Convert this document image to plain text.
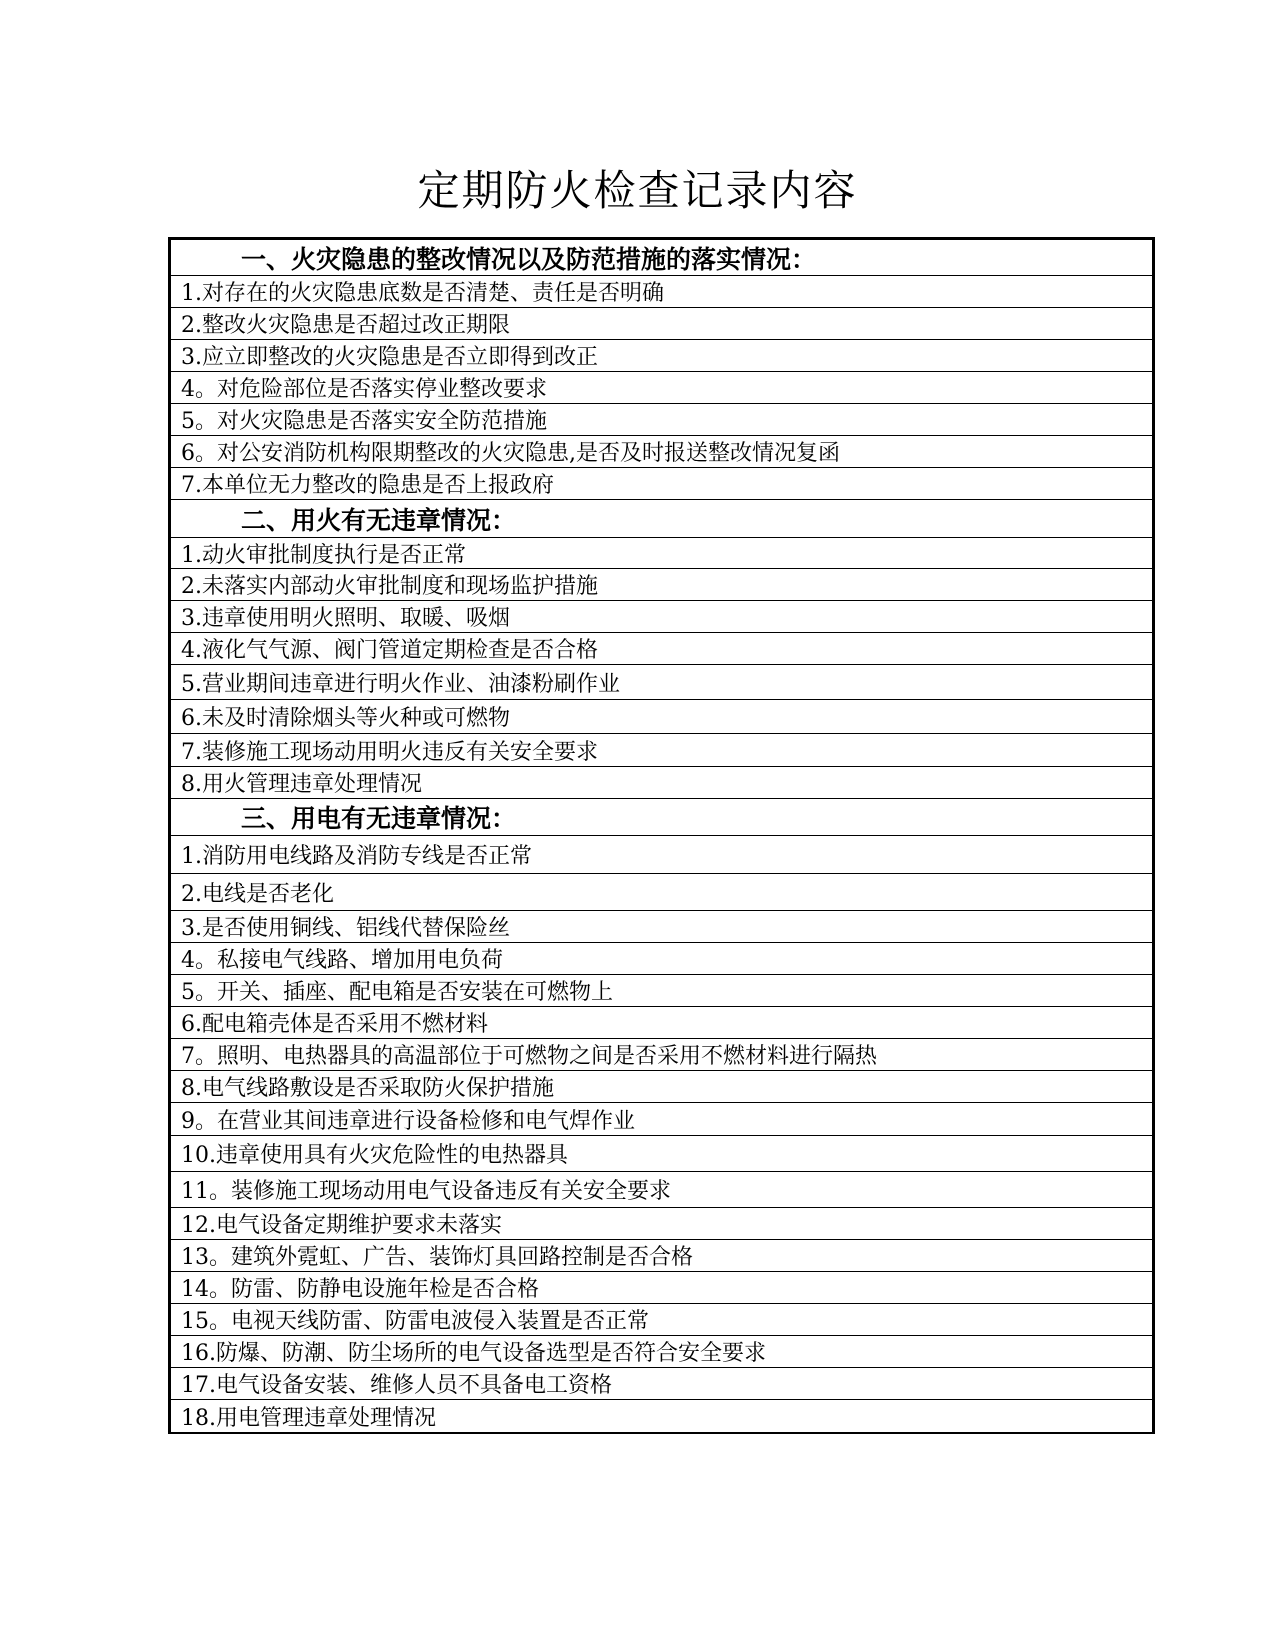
定期防火检查记录内容
一、火灾隐患的整改情况以及防范措施的落实情况：
1.对存在的火灾隐患底数是否清楚、责任是否明确
2.整改火灾隐患是否超过改正期限
3.应立即整改的火灾隐患是否立即得到改正
4。对危险部位是否落实停业整改要求
5。对火灾隐患是否落实安全防范措施
6。对公安消防机构限期整改的火灾隐患,是否及时报送整改情况复函
7.本单位无力整改的隐患是否上报政府
二、用火有无违章情况：
1.动火审批制度执行是否正常
2.未落实内部动火审批制度和现场监护措施
3.违章使用明火照明、取暖、吸烟
4.液化气气源、阀门管道定期检查是否合格
5.营业期间违章进行明火作业、油漆粉刷作业
6.未及时清除烟头等火种或可燃物
7.装修施工现场动用明火违反有关安全要求
8.用火管理违章处理情况
三、用电有无违章情况：
1.消防用电线路及消防专线是否正常
2.电线是否老化
3.是否使用铜线、铝线代替保险丝
4。私接电气线路、增加用电负荷
5。开关、插座、配电箱是否安装在可燃物上
6.配电箱壳体是否采用不燃材料
7。照明、电热器具的高温部位于可燃物之间是否采用不燃材料进行隔热
8.电气线路敷设是否采取防火保护措施
9。在营业其间违章进行设备检修和电气焊作业
10.违章使用具有火灾危险性的电热器具
11。装修施工现场动用电气设备违反有关安全要求
12.电气设备定期维护要求未落实
13。建筑外霓虹、广告、装饰灯具回路控制是否合格
14。防雷、防静电设施年检是否合格
15。电视天线防雷、防雷电波侵入装置是否正常
16.防爆、防潮、防尘场所的电气设备选型是否符合安全要求
17.电气设备安装、维修人员不具备电工资格
18.用电管理违章处理情况
